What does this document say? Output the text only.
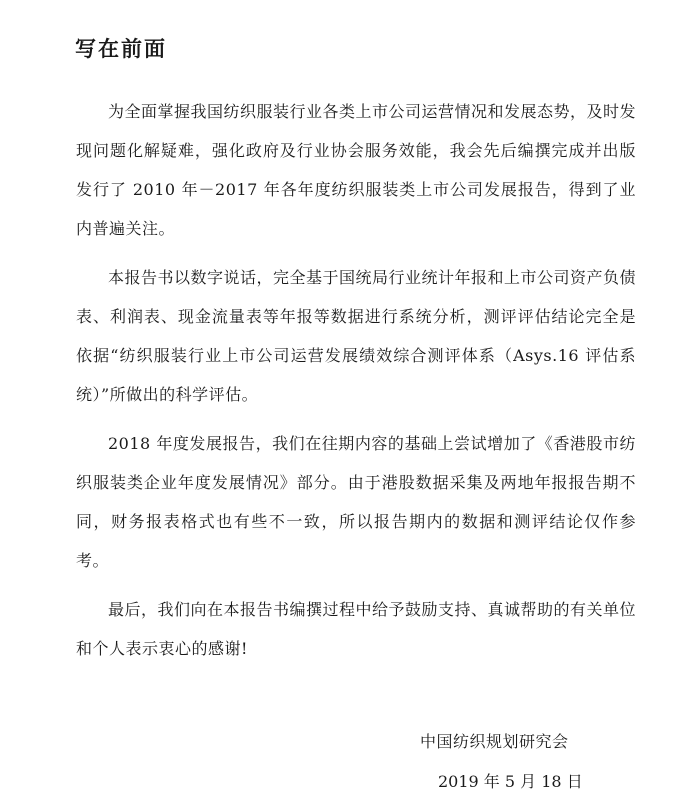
写在前面

为全面掌握我国纺织服装行业各类上市公司运营情况和发展态势，及时发现问题化解疑难，强化政府及行业协会服务效能，我会先后编撰完成并出版发行了 2010 年－2017 年各年度纺织服装类上市公司发展报告，得到了业内普遍关注。

本报告书以数字说话，完全基于国统局行业统计年报和上市公司资产负债表、利润表、现金流量表等年报等数据进行系统分析，测评评估结论完全是依据“纺织服装行业上市公司运营发展绩效综合测评体系（Asys.16 评估系统）”所做出的科学评估。

2018 年度发展报告，我们在往期内容的基础上尝试增加了《香港股市纺织服装类企业年度发展情况》部分。由于港股数据采集及两地年报报告期不同，财务报表格式也有些不一致，所以报告期内的数据和测评结论仅作参考。

最后，我们向在本报告书编撰过程中给予鼓励支持、真诚帮助的有关单位和个人表示衷心的感谢!

中国纺织规划研究会
2019 年 5 月 18 日
